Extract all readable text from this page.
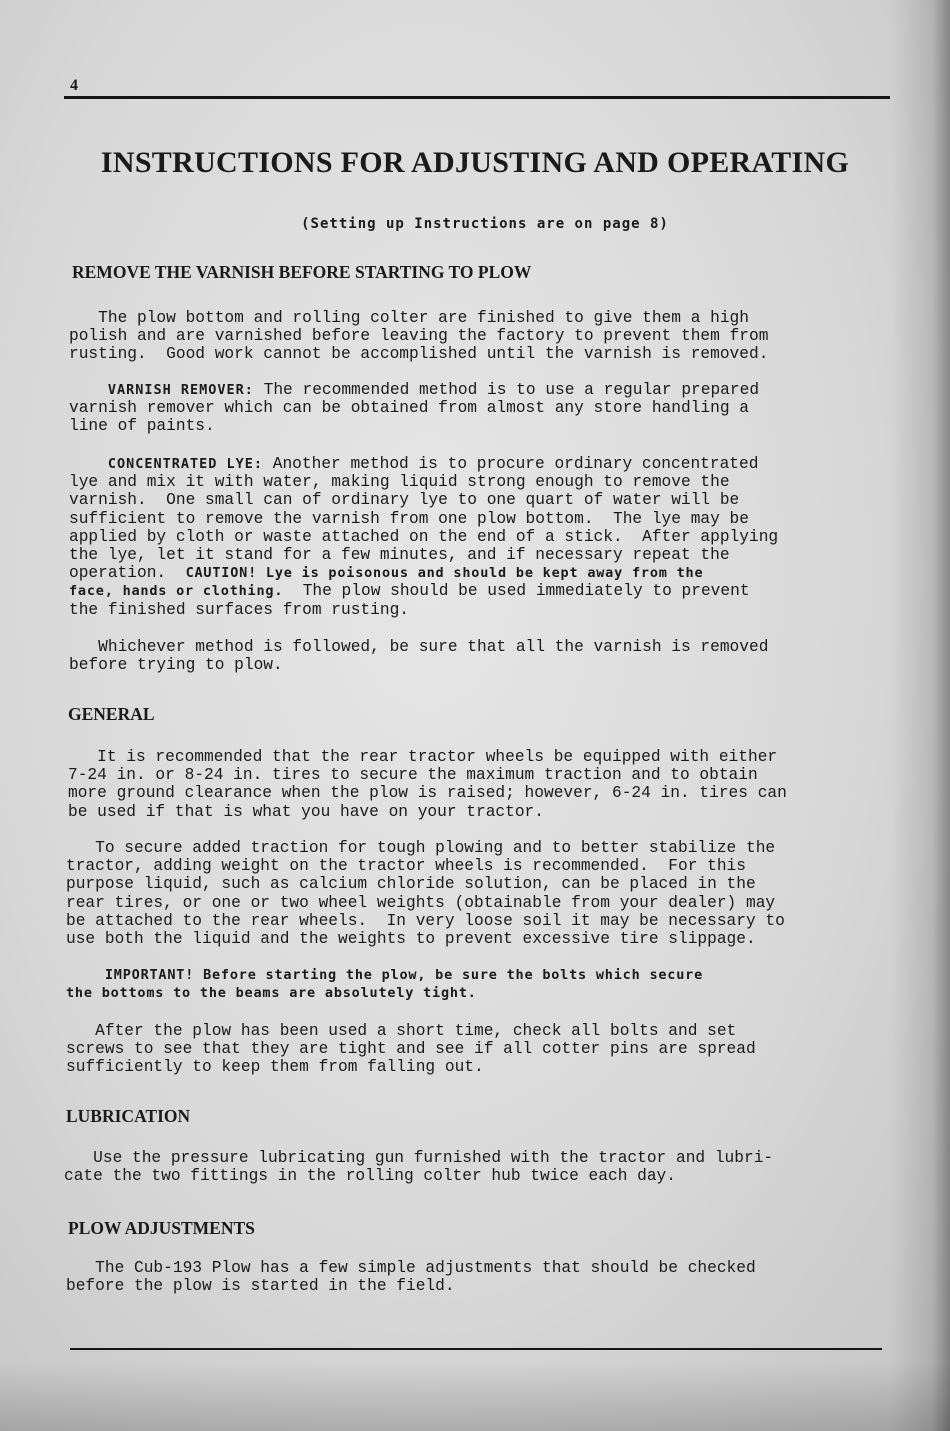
4
INSTRUCTIONS FOR ADJUSTING AND OPERATING
(Setting up Instructions are on page 8)
REMOVE THE VARNISH BEFORE STARTING TO PLOW

The plow bottom and rolling colter are finished to give them a high
polish and are varnished before leaving the factory to prevent them from
rusting.  Good work cannot be accomplished until the varnish is removed.

VARNISH REMOVER: The recommended method is to use a regular prepared
varnish remover which can be obtained from almost any store handling a
line of paints.

CONCENTRATED LYE: Another method is to procure ordinary concentrated
lye and mix it with water, making liquid strong enough to remove the
varnish.  One small can of ordinary lye to one quart of water will be
sufficient to remove the varnish from one plow bottom.  The lye may be
applied by cloth or waste attached on the end of a stick.  After applying
the lye, let it stand for a few minutes, and if necessary repeat the
operation.  CAUTION! Lye is poisonous and should be kept away from the
face, hands or clothing.  The plow should be used immediately to prevent
the finished surfaces from rusting.

Whichever method is followed, be sure that all the varnish is removed
before trying to plow.

GENERAL

It is recommended that the rear tractor wheels be equipped with either
7-24 in. or 8-24 in. tires to secure the maximum traction and to obtain
more ground clearance when the plow is raised; however, 6-24 in. tires can
be used if that is what you have on your tractor.

To secure added traction for tough plowing and to better stabilize the
tractor, adding weight on the tractor wheels is recommended.  For this
purpose liquid, such as calcium chloride solution, can be placed in the
rear tires, or one or two wheel weights (obtainable from your dealer) may
be attached to the rear wheels.  In very loose soil it may be necessary to
use both the liquid and the weights to prevent excessive tire slippage.

IMPORTANT! Before starting the plow, be sure the bolts which secure
the bottoms to the beams are absolutely tight.

After the plow has been used a short time, check all bolts and set
screws to see that they are tight and see if all cotter pins are spread
sufficiently to keep them from falling out.

LUBRICATION

Use the pressure lubricating gun furnished with the tractor and lubri-
cate the two fittings in the rolling colter hub twice each day.

PLOW ADJUSTMENTS

The Cub-193 Plow has a few simple adjustments that should be checked
before the plow is started in the field.
